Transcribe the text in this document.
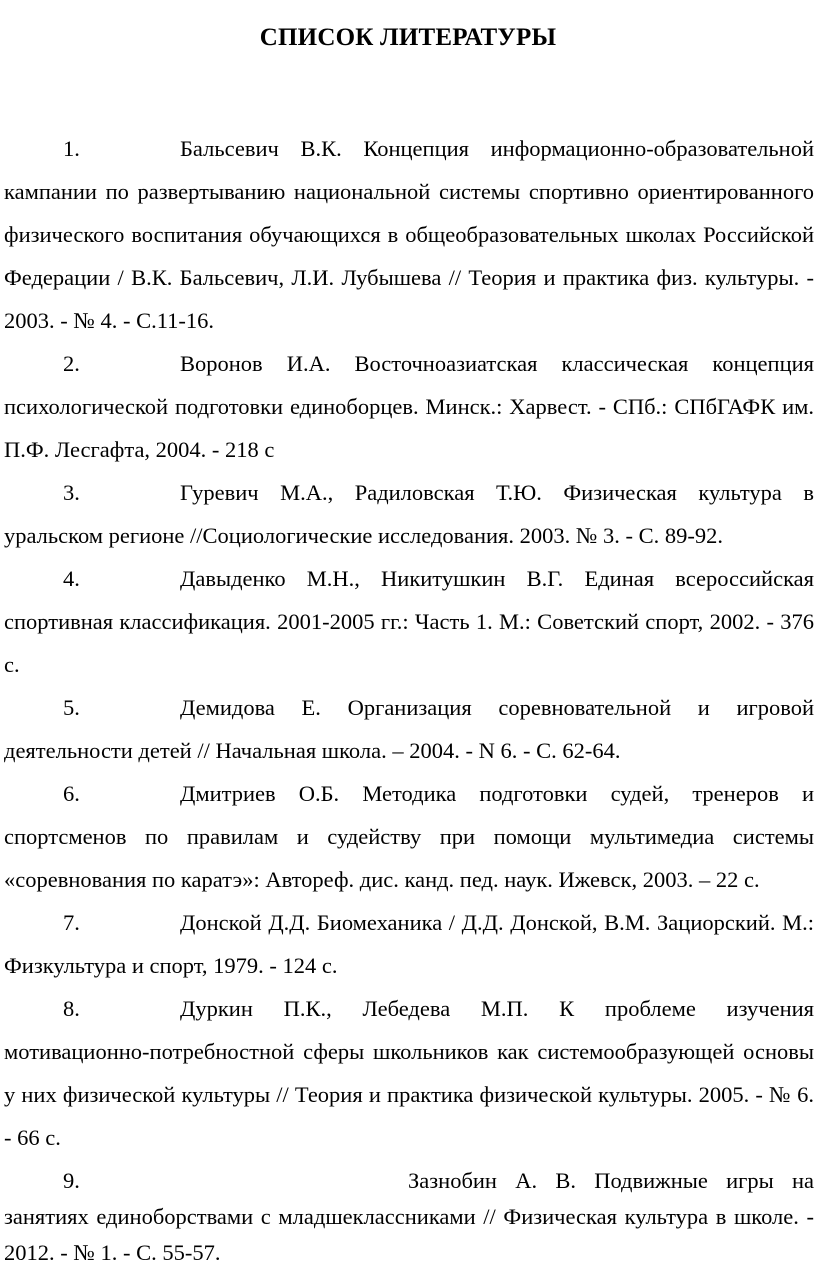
СПИСОК ЛИТЕРАТУРЫ

1.	Бальсевич В.К. Концепция информационно-образовательной кампании по развертыванию национальной системы спортивно ориентированного физического воспитания обучающихся в общеобразовательных школах Российской Федерации / В.К. Бальсевич, Л.И. Лубышева // Теория и практика физ. культуры. - 2003. - № 4. - С.11-16.

2.	Воронов И.А. Восточноазиатская классическая концепция психологической подготовки единоборцев. Минск.: Харвест. - СПб.: СПбГАФК им. П.Ф. Лесгафта, 2004. - 218 с

3.	Гуревич М.А., Радиловская Т.Ю. Физическая культура в уральском регионе //Социологические исследования. 2003. № 3. - С. 89-92.

4.	Давыденко М.Н., Никитушкин В.Г. Единая всероссийская спортивная классификация. 2001-2005 гг.: Часть 1. М.: Советский спорт, 2002. - 376 с.

5.	Демидова Е. Организация соревновательной и игровой деятельности детей // Начальная школа. – 2004. - N 6. - С. 62-64.

6.	Дмитриев О.Б. Методика подготовки судей, тренеров и спортсменов по правилам и судейству при помощи мультимедиа системы «соревнования по каратэ»: Автореф. дис. канд. пед. наук. Ижевск, 2003. – 22 с.

7.	Донской Д.Д. Биомеханика / Д.Д. Донской, В.М. Зациорский. М.: Физкультура и спорт, 1979. - 124 с.

8.	Дуркин П.К., Лебедева М.П. К проблеме изучения мотивационно-потребностной сферы школьников как системообразующей основы у них физической культуры // Теория и практика физической культуры. 2005. - № 6. - 66 с.

9.	Зазнобин А. В. Подвижные игры на занятиях единоборствами с младшеклассниками // Физическая культура в школе. - 2012. - № 1. - С. 55-57.
